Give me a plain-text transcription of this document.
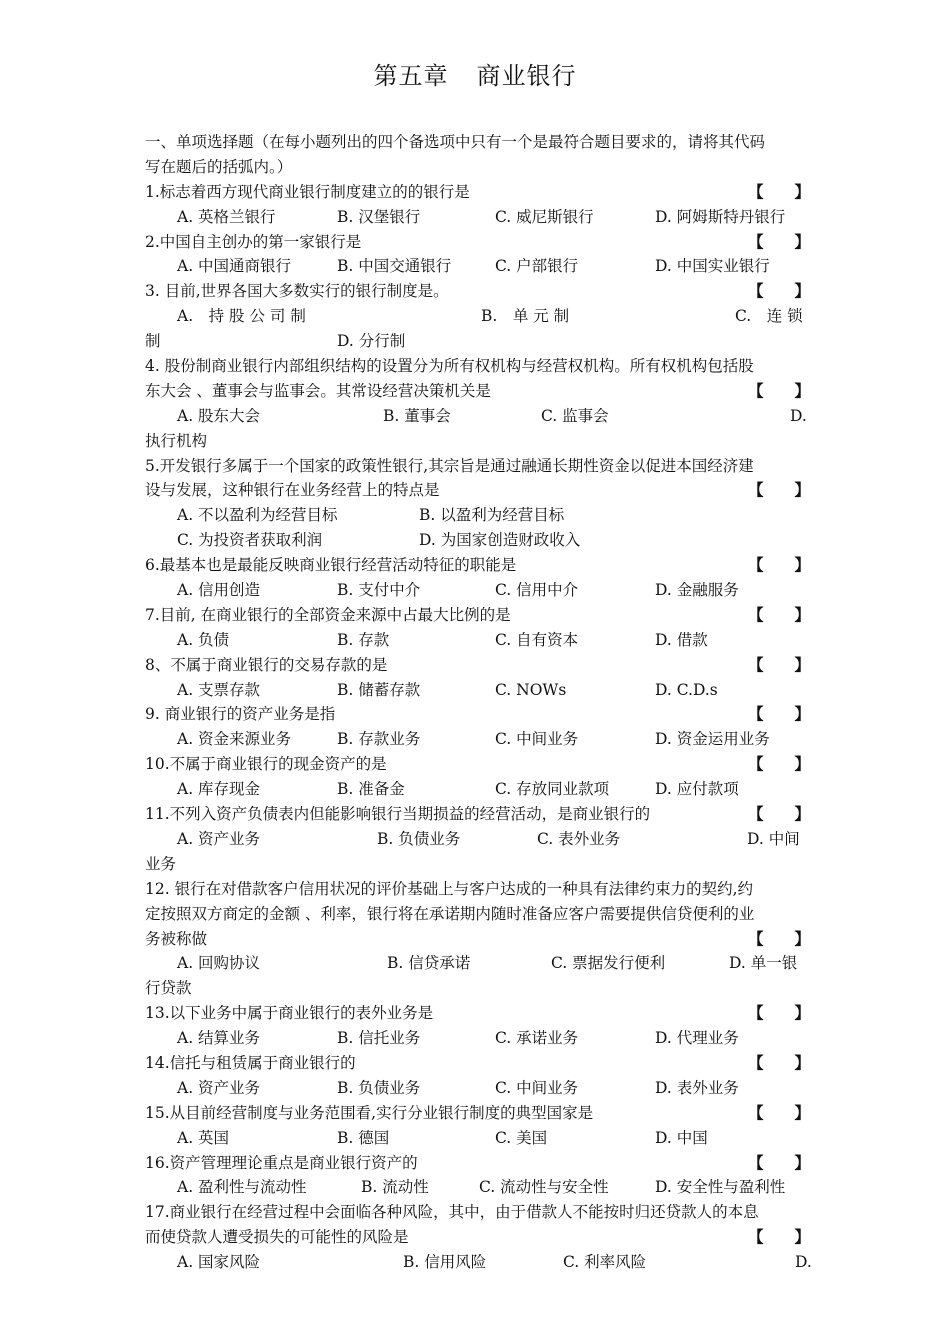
第五章 商业银行
一、单项选择题（在每小题列出的四个备选项中只有一个是最符合题目要求的，请将其代码
写在题后的括弧内。）
1.标志着西方现代商业银行制度建立的的银行是	【　　】
A. 英格兰银行	B. 汉堡银行	C. 威尼斯银行	D. 阿姆斯特丹银行
2.中国自主创办的第一家银行是	【　　】
A. 中国通商银行	B. 中国交通银行	C. 户部银行	D. 中国实业银行
3. 目前,世界各国大多数实行的银行制度是。	【　　】
A.　持 股 公 司 制	B.　单 元 制	C.　连 锁
制	D. 分行制
4. 股份制商业银行内部组织结构的设置分为所有权机构与经营权机构。所有权机构包括股
东大会 、董事会与监事会。其常设经营决策机关是	【　　】
A. 股东大会	B. 董事会	C. 监事会	D.
执行机构
5.开发银行多属于一个国家的政策性银行,其宗旨是通过融通长期性资金以促进本国经济建
设与发展，这种银行在业务经营上的特点是	【　　】
A. 不以盈利为经营目标	B. 以盈利为经营目标
C. 为投资者获取利润	D. 为国家创造财政收入
6.最基本也是最能反映商业银行经营活动特征的职能是	【　　】
A. 信用创造	B. 支付中介	C. 信用中介	D. 金融服务
7.目前, 在商业银行的全部资金来源中占最大比例的是	【　　】
A. 负债	B. 存款	C. 自有资本	D. 借款
8、不属于商业银行的交易存款的是	【　　】
A. 支票存款	B. 储蓄存款	C. NOWs	D. C.D.s
9. 商业银行的资产业务是指	【　　】
A. 资金来源业务	B. 存款业务	C. 中间业务	D. 资金运用业务
10.不属于商业银行的现金资产的是	【　　】
A. 库存现金	B. 准备金	C. 存放同业款项	D. 应付款项
11.不列入资产负债表内但能影响银行当期损益的经营活动，是商业银行的	【　　】
A. 资产业务	B. 负债业务	C. 表外业务	D. 中间
业务
12. 银行在对借款客户信用状况的评价基础上与客户达成的一种具有法律约束力的契约,约
定按照双方商定的金额 、利率，银行将在承诺期内随时准备应客户需要提供信贷便利的业
务被称做	【　　】
A. 回购协议	B. 信贷承诺	C. 票据发行便利	D. 单一银
行贷款
13.以下业务中属于商业银行的表外业务是	【　　】
A. 结算业务	B. 信托业务	C. 承诺业务	D. 代理业务
14.信托与租赁属于商业银行的	【　　】
A. 资产业务	B. 负债业务	C. 中间业务	D. 表外业务
15.从目前经营制度与业务范围看,实行分业银行制度的典型国家是	【　　】
A. 英国	B. 德国	C. 美国	D. 中国
16.资产管理理论重点是商业银行资产的	【　　】
A. 盈利性与流动性	B. 流动性	C. 流动性与安全性	D. 安全性与盈利性
17.商业银行在经营过程中会面临各种风险，其中，由于借款人不能按时归还贷款人的本息
而使贷款人遭受损失的可能性的风险是	【　　】
A. 国家风险	B. 信用风险	C. 利率风险	D.
